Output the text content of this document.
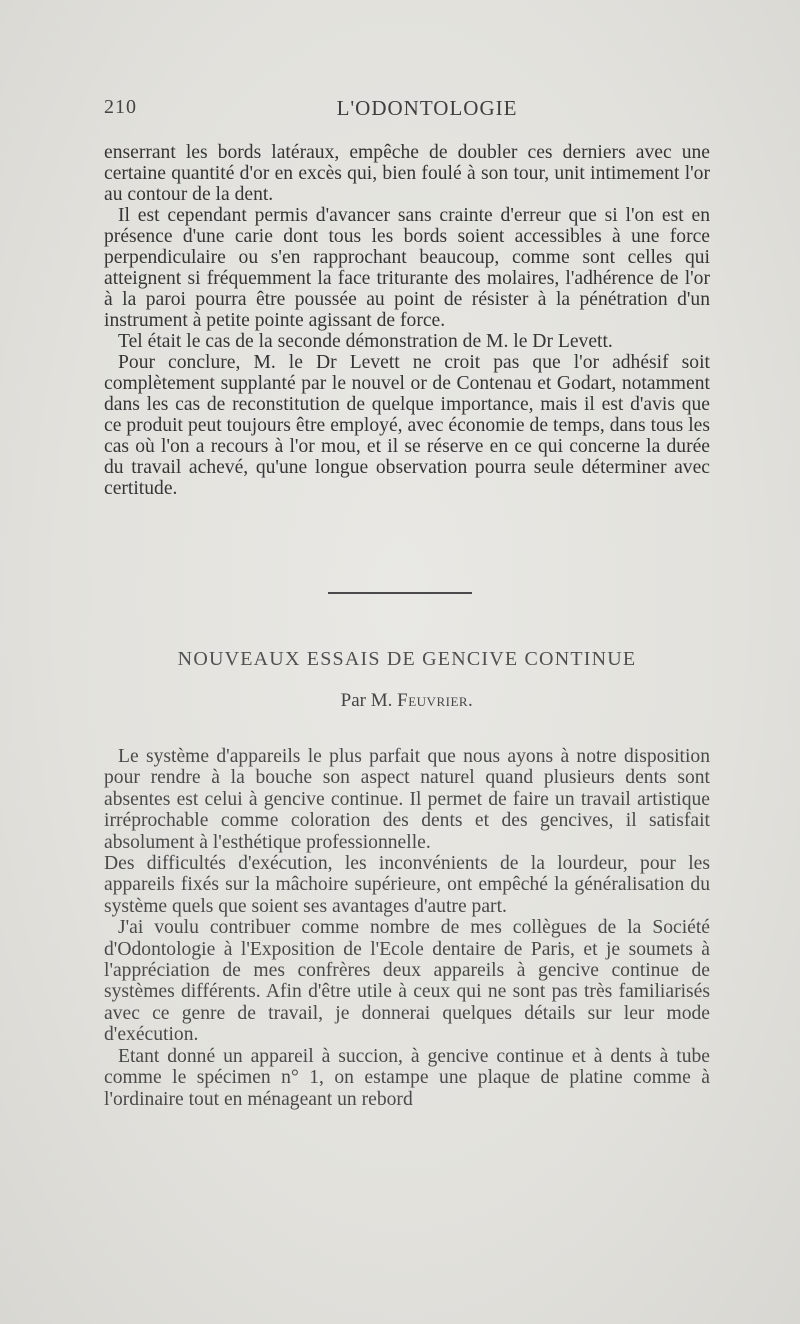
210	L'ODONTOLOGIE

enserrant les bords latéraux, empêche de doubler ces derniers avec une certaine quantité d'or en excès qui, bien foulé à son tour, unit intimement l'or au contour de la dent.

Il est cependant permis d'avancer sans crainte d'erreur que si l'on est en présence d'une carie dont tous les bords soient accessibles à une force perpendiculaire ou s'en rapprochant beaucoup, comme sont celles qui atteignent si fréquemment la face triturante des molaires, l'adhérence de l'or à la paroi pourra être poussée au point de résister à la pénétration d'un instrument à petite pointe agissant de force.

Tel était le cas de la seconde démonstration de M. le Dr Levett.

Pour conclure, M. le Dr Levett ne croit pas que l'or adhésif soit complètement supplanté par le nouvel or de Contenau et Godart, notamment dans les cas de reconstitution de quelque importance, mais il est d'avis que ce produit peut toujours être employé, avec économie de temps, dans tous les cas où l'on a recours à l'or mou, et il se réserve en ce qui concerne la durée du travail achevé, qu'une longue observation pourra seule déterminer avec certitude.

NOUVEAUX ESSAIS DE GENCIVE CONTINUE
Par M. Feuvrier.

Le système d'appareils le plus parfait que nous ayons à notre disposition pour rendre à la bouche son aspect naturel quand plusieurs dents sont absentes est celui à gencive continue. Il permet de faire un travail artistique irréprochable comme coloration des dents et des gencives, il satisfait absolument à l'esthétique professionnelle.

Des difficultés d'exécution, les inconvénients de la lourdeur, pour les appareils fixés sur la mâchoire supérieure, ont empêché la généralisation du système quels que soient ses avantages d'autre part.

J'ai voulu contribuer comme nombre de mes collègues de la Société d'Odontologie à l'Exposition de l'Ecole dentaire de Paris, et je soumets à l'appréciation de mes confrères deux appareils à gencive continue de systèmes différents. Afin d'être utile à ceux qui ne sont pas très familiarisés avec ce genre de travail, je donnerai quelques détails sur leur mode d'exécution.

Etant donné un appareil à succion, à gencive continue et à dents à tube comme le spécimen n° 1, on estampe une plaque de platine comme à l'ordinaire tout en ménageant un rebord
